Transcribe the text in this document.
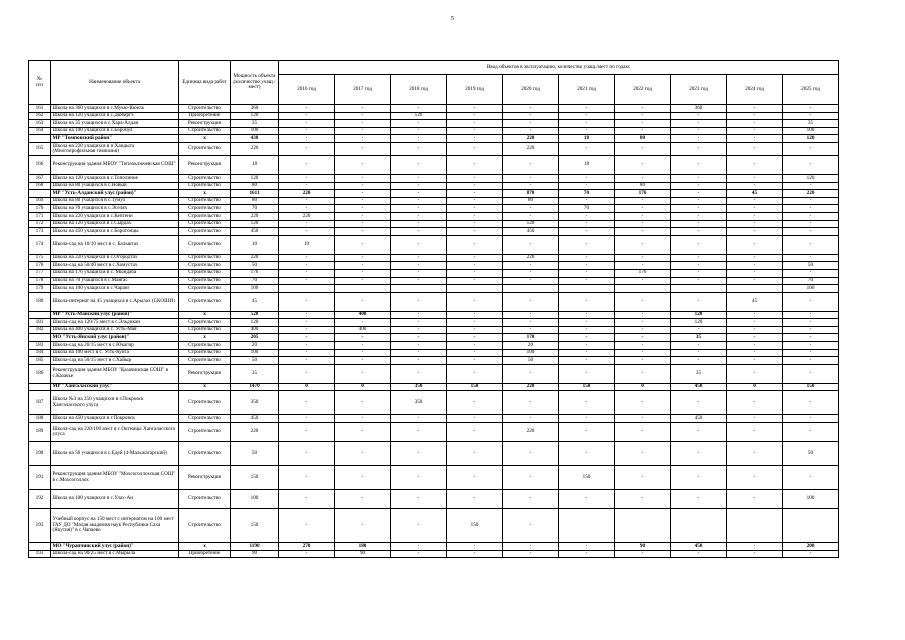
5
№
п/п	Наименование объекта	Единица вида работ	Мощность объекта (количество учащ./мест)	Ввод объектов в эксплуатацию, количество учащ./мест по годам:									
				2016 год	2017 год	2018 год	2019 год	2020 год	2021 год	2022 год	2023 год	2024 год	2025 год
161	Школа на 360 учащихся в с.Мукю-Кюель	Строительство	360	-	-	-	-	-	-	-	360	-	-
162	Школа на 120 учащихся в с.Дюбяргэ	Приобретение	120	-	-	120	-	-	-	-	-	-	-
163	Школа на 35 учащихся в с.Хара-Алдан	Реконструкция	35	-	-	-	-	-	-	-	-	-	35
164	Школа на 100 учащихся в с.Боробул	Строительство	100	-	-	-	-	-	-	-	-	-	100
	МР "Томпонский район"	х	438	-	-	-	-	220	18	80	-	-	120
165	Школа на 220 учащихся в п.Хандыга (Многопрофильная гимназия)	Строительство	220	-	-	-	-	220	-	-	-	-	-
166	Реконструкция здания МБОУ "Теплоключевская СОШ"	Реконструкция	18	-	-	-	-	-	18	-	-	-	-
167	Школа на 120 учащихся в с.Тополиное	Строительство	120	-	-	-	-	-	-	-	-	-	120
168	Школа на 80 учащихся в с.Новый	Строительство	80	-	-	-	-	-	-	80	-	-	-
	МР "Усть-Алданский улус (район)"	х	1611	220	-	-	-	870	70	176	-	45	220
169	Школа на 80 учащихся в с.Тумул	Строительство	80	-	-	-	-	80	-	-	-	-	-
170	Школа на 70 учащихся в с.Эселях	Строительство	70	-	-	-	-	-	70	-	-	-	-
171	Школа на 220 учащихся в с.Кептени	Строительство	220	220	-	-	-	-	-	-	-	-	-
172	Школа на 120 учащихся в с.Сырдах	Строительство	120	-	-	-	-	120	-	-	-	-	-
173	Школа на 450 учащихся в с.Борогонцы	Строительство	450	-	-	-	-	450	-	-	-	-	-
174	Школа-сад на 10/10 мест в с. Балыктах	Строительство	10	10	-	-	-	-	-	-	-	-	-
175	Школа на 220 учащихся в с.Огородтах	Строительство	220	-	-	-	-	220	-	-	-	-	-
176	Школа-сад на 50/40 мест в с.Хомустах	Строительство	50	-	-	-	-	-	-	-	-	-	50
177	Школа на 176 учащихся в с. Мындаба	Строительство	176	-	-	-	-	-	-	176	-	-	-
178	Школа на 70 учащихся в с.Маягас	Строительство	70	-	-	-	-	-	-	-	-	-	70
179	Школа на 100 учащихся в с.Чаранг	Строительство	100										100
180	Школа-интернат на 45 учащихся в с.Арылах (СКОШИ)	Строительство	45	-	-	-	-	-	-	-	-	45	-
	МР "Усть-Майский улус (район)"	х	520	-	400	-	-	-	-	-	120	-	-
181	Школа-сад на 120/75 мест в с.Эльдикан	Строительство	120	-	-	-	-	-	-	-	120	-	-
182	Школа на 400 учащихся в с. Усть-Мая	Строительство	400	-	400	-	-	-	-	-	-	-	-
	МО "Усть-Янский улус (район)"	х	205	-	-	-	-	170	-	-	35	-	-
183	Школа-сад на 20/15 мест в с.Юкагир	Строительство	20	-	-	-	-	20	-	-	-	-	-
184	Школа на 100 мест в с. Усть-Куйга	Строительство	100	-	-	-	-	100	-	-	-	-	-
185	Школа-сад на 50/15 мест в с.Хайыр	Строительство	50	-	-	-	-	50	-	-	-	-	-
186	Реконструкция здания МБОУ "Казачинская СОШ" в с.Казачье	Реконструкция	35	-	-	-	-	-	-	-	35	-	-
	МР "Хангаласский улус"	х	1470	0	0	350	150	220	150	0	450	0	150
187	Школа №3 на 350 учащихся в г.Покровск Хангаласского улуса	Строительство	350	-	-	350	-	-	-	-	-	-	-
188	Школа на 450 учащихся в г.Покровск	Строительство	450	-	-	-	-	-	-	-	450	-	-
189	Школа-сад на 220/100 мест в с.Октемцы Хангаласского улуса	Строительство	220	-	-	-	-	220	-	-	-	-	-
190	Школа на 50 учащихся в с.Едей (4-Мальжагарский)	Строительство	50	-	-	-	-	-	-	-	-	-	50
191	Реконструкция здания МБОУ "Мохсоголлохская СОШ" в с.Мохсоголлох	Реконструкция	150	-	-	-	-	-	150	-	-	-	-
192	Школа на 100 учащихся в с.Улах-Ан	Строительство	100	-	-	-	-	-	-	-	-	-	100
193	Учебный корпус на 150 мест с интернатом на 100 мест ГАУ ДО "Малая академия наук Республики Саха (Якутия)" в с.Чапаево	Строительство	150	-	-	-	150	-					
	МО "Чурапчинский улус (район)"	х	1190	270	180	-	-	-	-	90	450	-	200
193	Школа-сад на 90/25 мест в с.Мырыла	Приобретение	90	-	90	-	-	-	-	-	-	-	-
